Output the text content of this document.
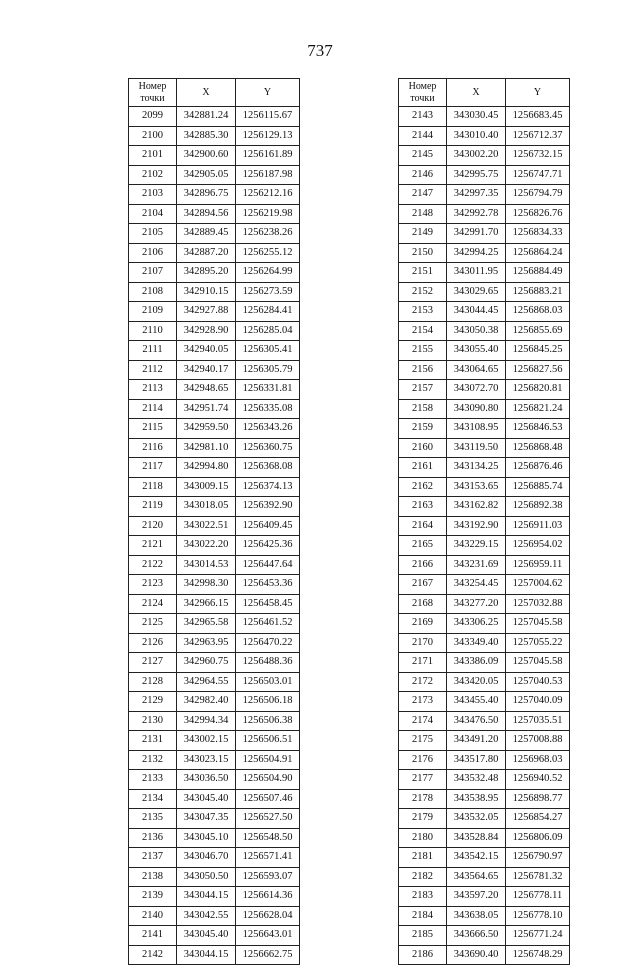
737
Номер
точки	X	Y
2099	342881.24	1256115.67
2100	342885.30	1256129.13
2101	342900.60	1256161.89
2102	342905.05	1256187.98
2103	342896.75	1256212.16
2104	342894.56	1256219.98
2105	342889.45	1256238.26
2106	342887.20	1256255.12
2107	342895.20	1256264.99
2108	342910.15	1256273.59
2109	342927.88	1256284.41
2110	342928.90	1256285.04
2111	342940.05	1256305.41
2112	342940.17	1256305.79
2113	342948.65	1256331.81
2114	342951.74	1256335.08
2115	342959.50	1256343.26
2116	342981.10	1256360.75
2117	342994.80	1256368.08
2118	343009.15	1256374.13
2119	343018.05	1256392.90
2120	343022.51	1256409.45
2121	343022.20	1256425.36
2122	343014.53	1256447.64
2123	342998.30	1256453.36
2124	342966.15	1256458.45
2125	342965.58	1256461.52
2126	342963.95	1256470.22
2127	342960.75	1256488.36
2128	342964.55	1256503.01
2129	342982.40	1256506.18
2130	342994.34	1256506.38
2131	343002.15	1256506.51
2132	343023.15	1256504.91
2133	343036.50	1256504.90
2134	343045.40	1256507.46
2135	343047.35	1256527.50
2136	343045.10	1256548.50
2137	343046.70	1256571.41
2138	343050.50	1256593.07
2139	343044.15	1256614.36
2140	343042.55	1256628.04
2141	343045.40	1256643.01
2142	343044.15	1256662.75
Номер
точки	X	Y
2143	343030.45	1256683.45
2144	343010.40	1256712.37
2145	343002.20	1256732.15
2146	342995.75	1256747.71
2147	342997.35	1256794.79
2148	342992.78	1256826.76
2149	342991.70	1256834.33
2150	342994.25	1256864.24
2151	343011.95	1256884.49
2152	343029.65	1256883.21
2153	343044.45	1256868.03
2154	343050.38	1256855.69
2155	343055.40	1256845.25
2156	343064.65	1256827.56
2157	343072.70	1256820.81
2158	343090.80	1256821.24
2159	343108.95	1256846.53
2160	343119.50	1256868.48
2161	343134.25	1256876.46
2162	343153.65	1256885.74
2163	343162.82	1256892.38
2164	343192.90	1256911.03
2165	343229.15	1256954.02
2166	343231.69	1256959.11
2167	343254.45	1257004.62
2168	343277.20	1257032.88
2169	343306.25	1257045.58
2170	343349.40	1257055.22
2171	343386.09	1257045.58
2172	343420.05	1257040.53
2173	343455.40	1257040.09
2174	343476.50	1257035.51
2175	343491.20	1257008.88
2176	343517.80	1256968.03
2177	343532.48	1256940.52
2178	343538.95	1256898.77
2179	343532.05	1256854.27
2180	343528.84	1256806.09
2181	343542.15	1256790.97
2182	343564.65	1256781.32
2183	343597.20	1256778.11
2184	343638.05	1256778.10
2185	343666.50	1256771.24
2186	343690.40	1256748.29
